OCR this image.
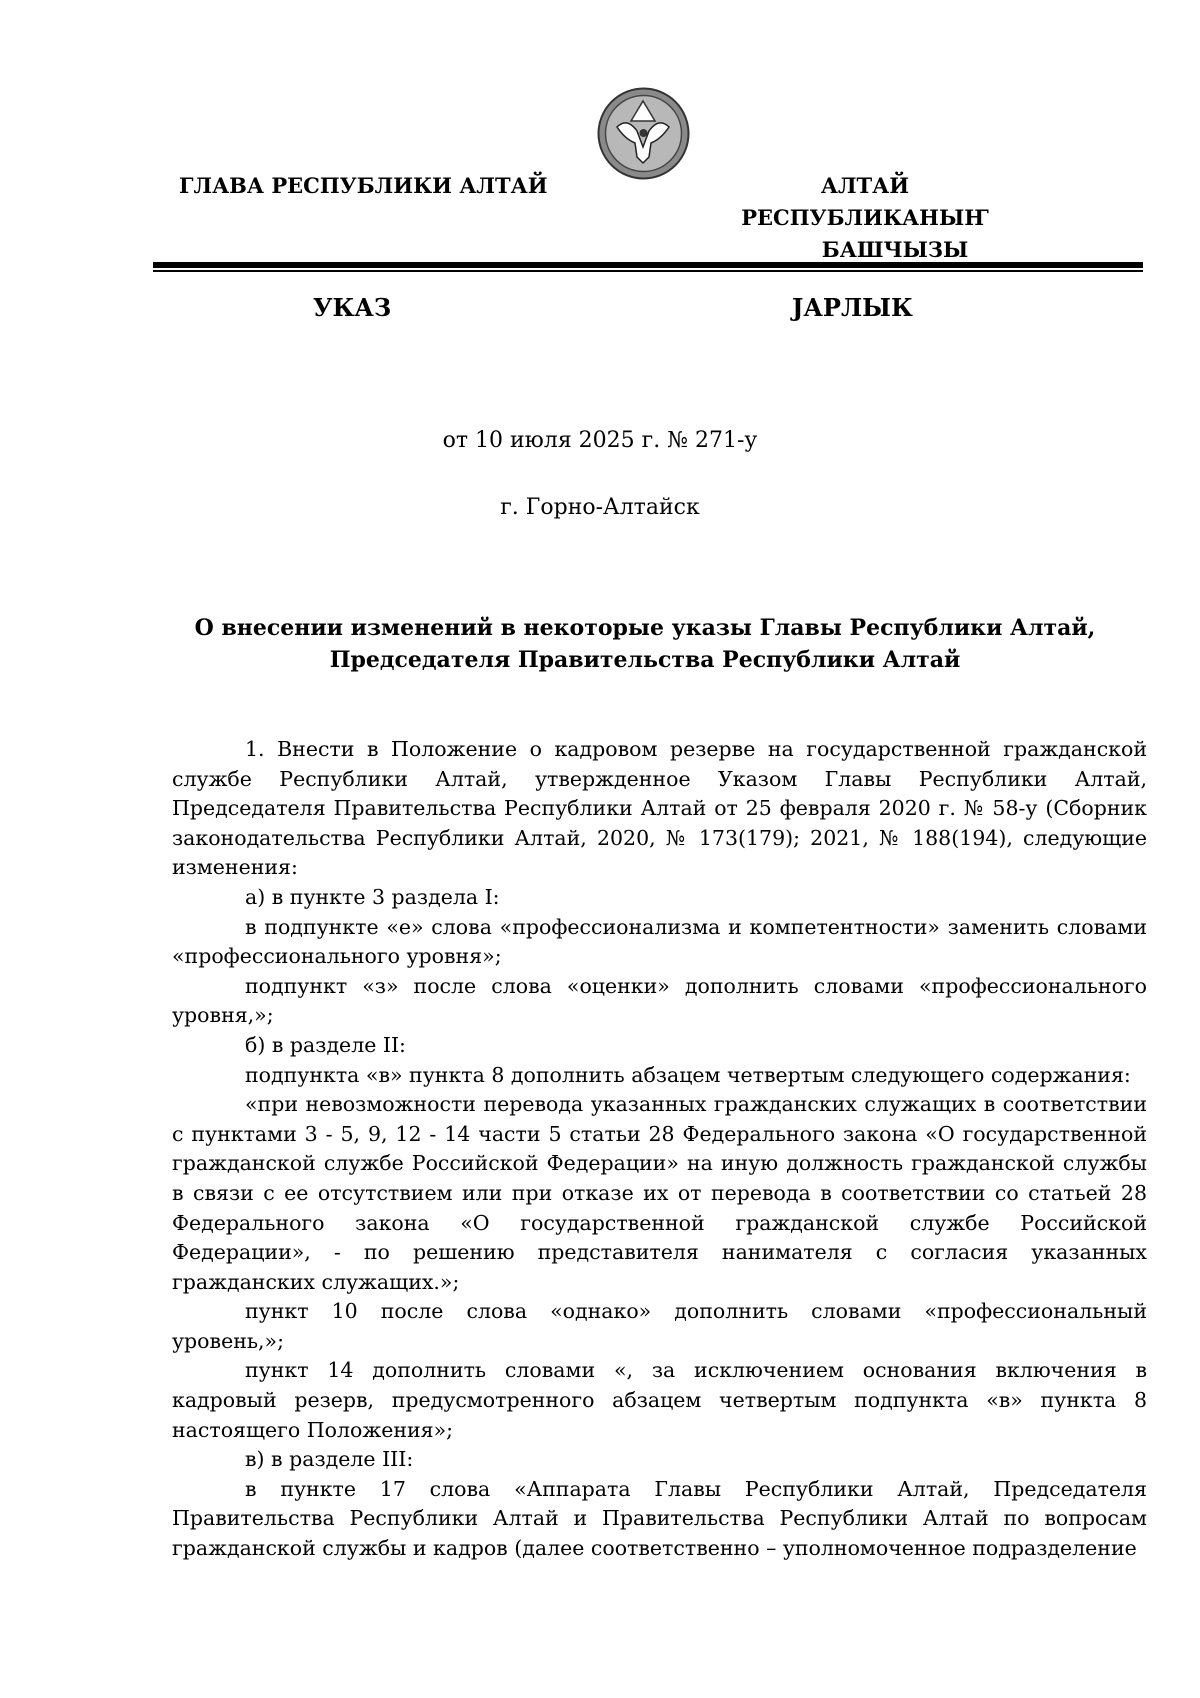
ГЛАВА РЕСПУБЛИКИ АЛТАЙ	АЛТАЙ РЕСПУБЛИКАНЫҤ
БАШЧЫЗЫ
УКАЗ	JАРЛЫК
от 10 июля 2025 г. № 271-у
г. Горно-Алтайск
О внесении изменений в некоторые указы Главы Республики Алтай,
Председателя Правительства Республики Алтай

1. Внести в Положение о кадровом резерве на государственной гражданской службе Республики Алтай, утвержденное Указом Главы Республики Алтай, Председателя Правительства Республики Алтай от 25 февраля 2020 г. № 58-у (Сборник законодательства Республики Алтай, 2020, № 173(179); 2021, № 188(194), следующие изменения:

а) в пункте 3 раздела I:

в подпункте «е» слова «профессионализма и компетентности» заменить словами «профессионального уровня»;

подпункт «з» после слова «оценки» дополнить словами «профессионального уровня,»;

б) в разделе II:

подпункта «в» пункта 8 дополнить абзацем четвертым следующего содержания:

«при невозможности перевода указанных гражданских служащих в соответствии с пунктами 3 - 5, 9, 12 - 14 части 5 статьи 28 Федерального закона «О государственной гражданской службе Российской Федерации» на иную должность гражданской службы в связи с ее отсутствием или при отказе их от перевода в соответствии со статьей 28 Федерального закона «О государственной гражданской службе Российской Федерации», - по решению представителя нанимателя с согласия указанных гражданских служащих.»;

пункт 10 после слова «однако» дополнить словами «профессиональный уровень,»;

пункт 14 дополнить словами «, за исключением основания включения в кадровый резерв, предусмотренного абзацем четвертым подпункта «в» пункта 8 настоящего Положения»;

в) в разделе III:

в пункте 17 слова «Аппарата Главы Республики Алтай, Председателя Правительства Республики Алтай и Правительства Республики Алтай по вопросам гражданской службы и кадров (далее соответственно – уполномоченное подразделение
